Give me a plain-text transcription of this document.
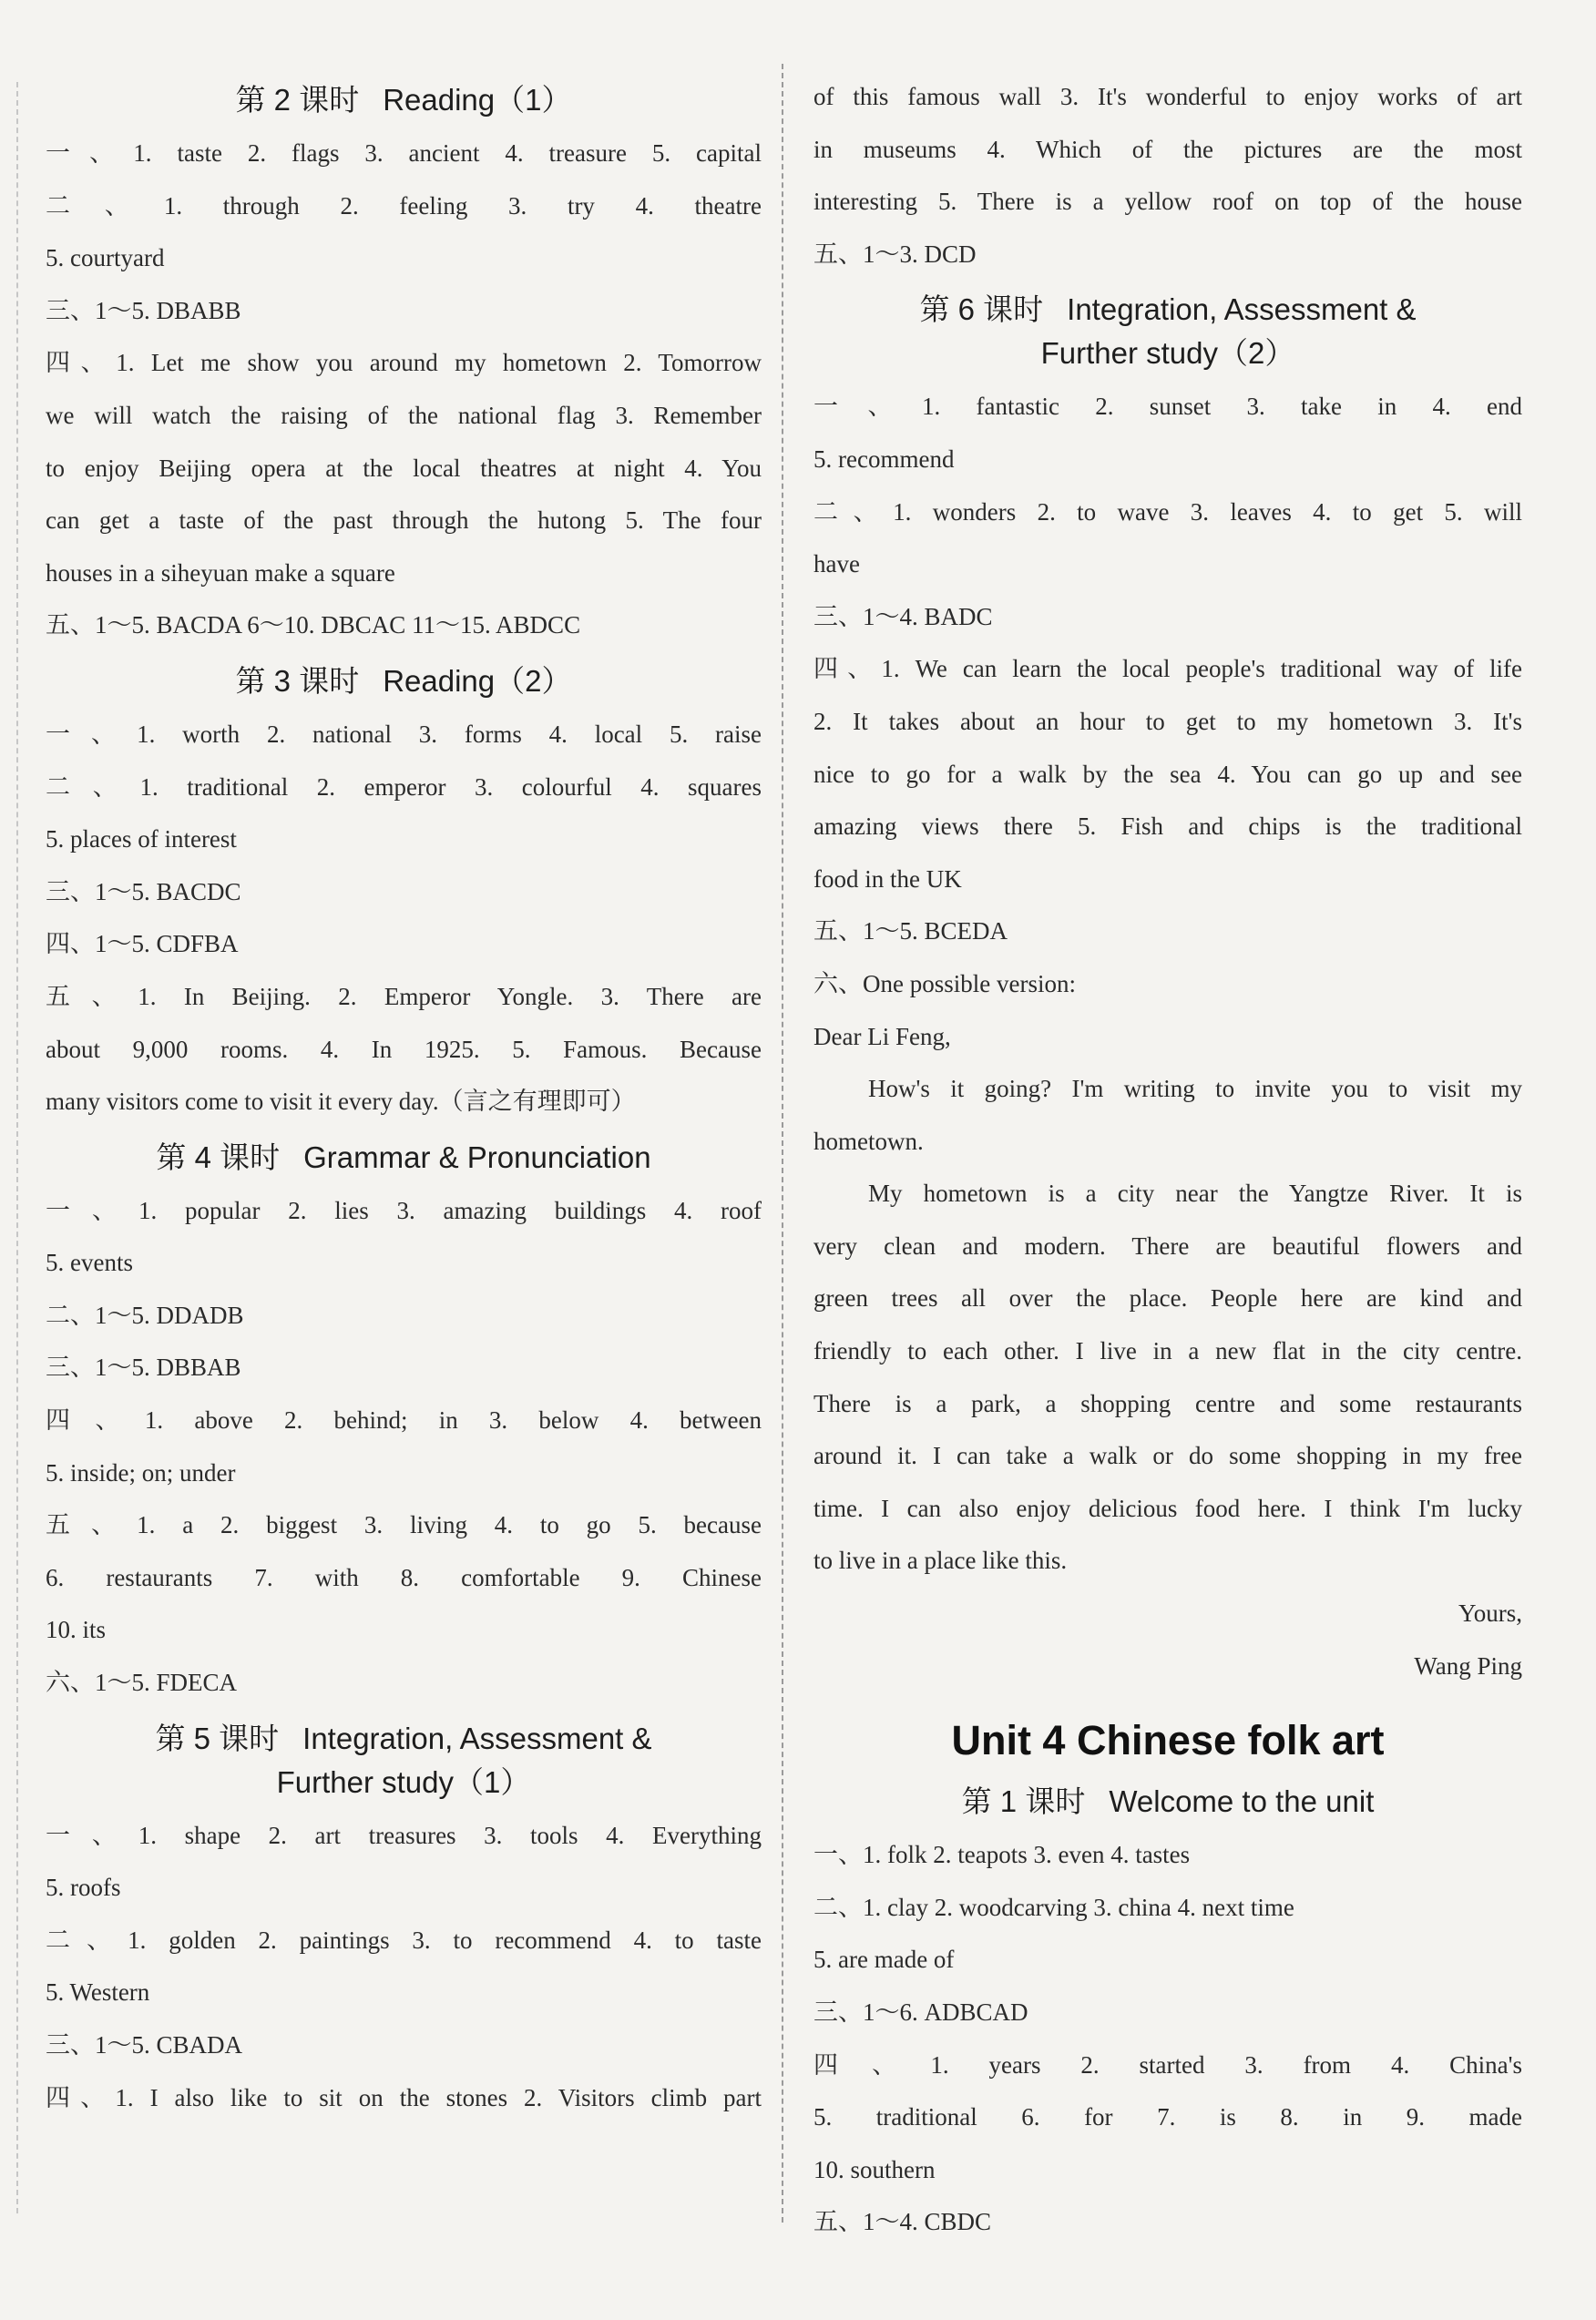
第 2 课时 Reading（1）
一、1. taste 2. flags 3. ancient 4. treasure 5. capital
二、1. through 2. feeling 3. try 4. theatre
5. courtyard
三、1～5. DBABB
四、1. Let me show you around my hometown 2. Tomorrow
we will watch the raising of the national flag 3. Remember
to enjoy Beijing opera at the local theatres at night 4. You
can get a taste of the past through the hutong 5. The four
houses in a siheyuan make a square
五、1～5. BACDA 6～10. DBCAC 11～15. ABDCC
第 3 课时 Reading（2）
一、1. worth 2. national 3. forms 4. local 5. raise
二、1. traditional 2. emperor 3. colourful 4. squares
5. places of interest
三、1～5. BACDC
四、1～5. CDFBA
五、1. In Beijing. 2. Emperor Yongle. 3. There are
about 9,000 rooms. 4. In 1925. 5. Famous. Because
many visitors come to visit it every day.（言之有理即可）
第 4 课时 Grammar & Pronunciation
一、1. popular 2. lies 3. amazing buildings 4. roof
5. events
二、1～5. DDADB
三、1～5. DBBAB
四、1. above 2. behind; in 3. below 4. between
5. inside; on; under
五、1. a 2. biggest 3. living 4. to go 5. because
6. restaurants 7. with 8. comfortable 9. Chinese
10. its
六、1～5. FDECA
第 5 课时 Integration, Assessment &
Further study（1）
一、1. shape 2. art treasures 3. tools 4. Everything
5. roofs
二、1. golden 2. paintings 3. to recommend 4. to taste
5. Western
三、1～5. CBADA
四、1. I also like to sit on the stones 2. Visitors climb part
of this famous wall 3. It's wonderful to enjoy works of art
in museums 4. Which of the pictures are the most
interesting 5. There is a yellow roof on top of the house
五、1～3. DCD
第 6 课时 Integration, Assessment &
Further study（2）
一、1. fantastic 2. sunset 3. take in 4. end
5. recommend
二、1. wonders 2. to wave 3. leaves 4. to get 5. will
have
三、1～4. BADC
四、1. We can learn the local people's traditional way of life
2. It takes about an hour to get to my hometown 3. It's
nice to go for a walk by the sea 4. You can go up and see
amazing views there 5. Fish and chips is the traditional
food in the UK
五、1～5. BCEDA
六、One possible version:
Dear Li Feng,
How's it going? I'm writing to invite you to visit my
hometown.
My hometown is a city near the Yangtze River. It is
very clean and modern. There are beautiful flowers and
green trees all over the place. People here are kind and
friendly to each other. I live in a new flat in the city centre.
There is a park, a shopping centre and some restaurants
around it. I can take a walk or do some shopping in my free
time. I can also enjoy delicious food here. I think I'm lucky
to live in a place like this.
Yours,
Wang Ping
Unit 4 Chinese folk art
第 1 课时 Welcome to the unit
一、1. folk 2. teapots 3. even 4. tastes
二、1. clay 2. woodcarving 3. china 4. next time
5. are made of
三、1～6. ADBCAD
四、1. years 2. started 3. from 4. China's
5. traditional 6. for 7. is 8. in 9. made
10. southern
五、1～4. CBDC
